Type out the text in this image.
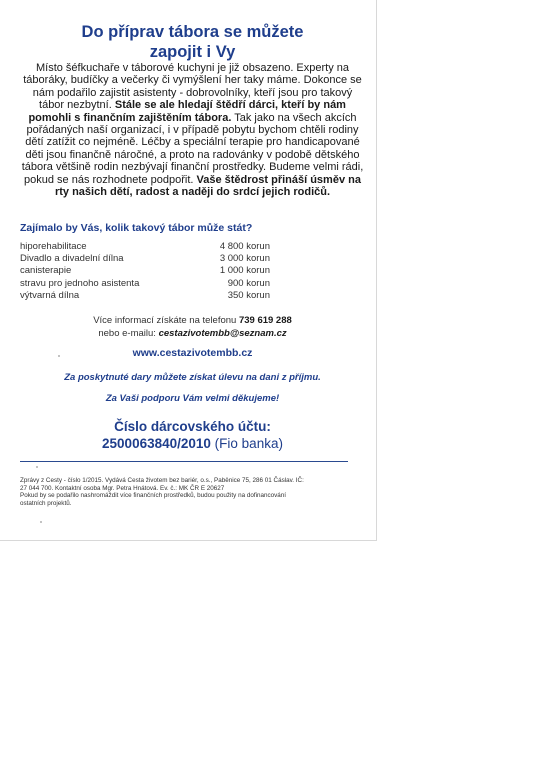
Do příprav tábora se můžete
zapojit i Vy
Místo šéfkuchaře v táborové kuchyni je již obsazeno. Experty na táboráky, budíčky a večerky či vymýšlení her taky máme. Dokonce se nám podařilo zajistit asistenty - dobrovolníky, kteří jsou pro takový tábor nezbytní. Stále se ale hledají štědří dárci, kteří by nám pomohli s finančním zajištěním tábora. Tak jako na všech akcích pořádaných naší organizací, i v případě pobytu bychom chtěli rodiny dětí zatížit co nejméně. Léčby a speciální terapie pro handicapované děti jsou finančně náročné, a proto na radovánky v podobě dětského tábora většině rodin nezbývají finanční prostředky. Budeme velmi rádi, pokud se nás rozhodnete podpořit. Vaše štědrost přináší úsměv na rty našich dětí, radost a naději do srdcí jejich rodičů.
Zajímalo by Vás, kolik takový tábor může stát?
hiporehabilitace	4 800 korun
Divadlo a divadelní dílna	3 000 korun
canisterapie	1 000 korun
stravu pro jednoho asistenta	900 korun
výtvarná dílna	350 korun
Více informací získáte na telefonu 739 619 288
nebo e-mailu: cestazivotembb@seznam.cz
www.cestazivotembb.cz
Za poskytnuté dary můžete získat úlevu na dani z příjmu.
Za Vaši podporu Vám velmi děkujeme!
Číslo dárcovského účtu:
2500063840/2010 (Fio banka)
Zprávy z Cesty - číslo 1/2015. Vydává Cesta životem bez bariér, o.s., Paběnice 75, 286 01 Čáslav. IČ:
27 044 700. Kontaktní osoba Mgr. Petra Hnátová. Ev. č.: MK ČR E 20627
Pokud by se podařilo nashromáždit více finančních prostředků, budou použity na dofinancování
ostatních projektů.
